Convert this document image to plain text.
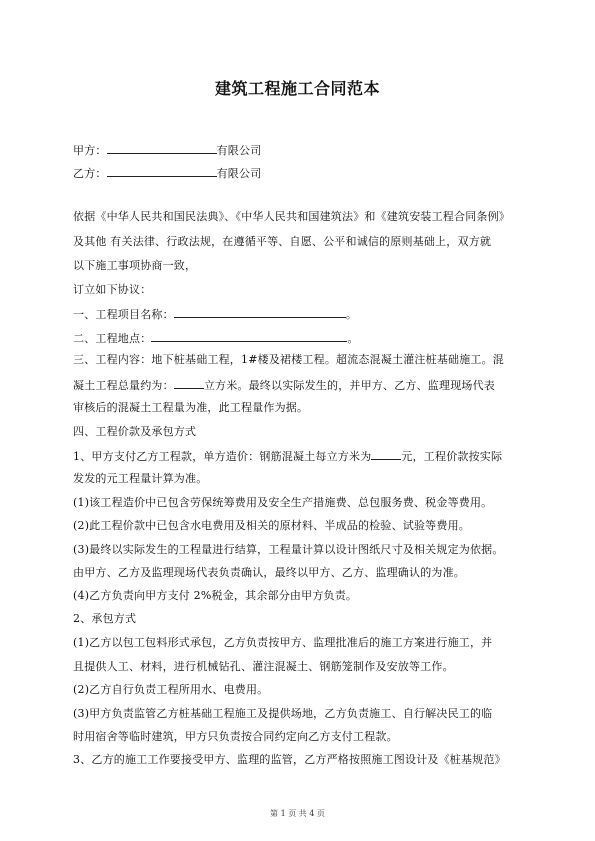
建筑工程施工合同范本
甲方：	有限公司
乙方：	有限公司
依据《中华人民共和国民法典》、《中华人民共和国建筑法》和《建筑安装工程合同条例》
及其他 有关法律、行政法规，在遵循平等、自愿、公平和诚信的原则基础上，双方就
以下施工事项协商一致，
订立如下协议：
一、工程项目名称：	。
二、工程地点：	。
三、工程内容：地下桩基础工程，1#楼及裙楼工程。超流态混凝土灌注桩基础施工。混
凝土工程总量约为：	立方米。最终以实际发生的，并甲方、乙方、监理现场代表
审核后的混凝土工程量为准，此工程量作为据。
四、工程价款及承包方式
1、甲方支付乙方工程款，单方造价：钢筋混凝土每立方米为	元，工程价款按实际
发发的元工程量计算为准。
(1)该工程造价中已包含劳保统筹费用及安全生产措施费、总包服务费、税金等费用。
(2)此工程价款中已包含水电费用及相关的原材料、半成品的检验、试验等费用。
(3)最终以实际发生的工程量进行结算，工程量计算以设计图纸尺寸及相关规定为依据。
由甲方、乙方及监理现场代表负责确认，最终以甲方、乙方、监理确认的为准。
(4)乙方负责向甲方支付 2%税金，其余部分由甲方负责。
2、承包方式
(1)乙方以包工包料形式承包，乙方负责按甲方、监理批准后的施工方案进行施工，并
且提供人工、材料，进行机械钻孔、灌注混凝土、钢筋笼制作及安放等工作。
(2)乙方自行负责工程所用水、电费用。
(3)甲方负责监管乙方桩基础工程施工及提供场地，乙方负责施工、自行解决民工的临
时用宿舍等临时建筑，甲方只负责按合同约定向乙方支付工程款。
3、乙方的施工工作要接受甲方、监理的监管，乙方严格按照施工图设计及《桩基规范》
第 1 页 共 4 页
